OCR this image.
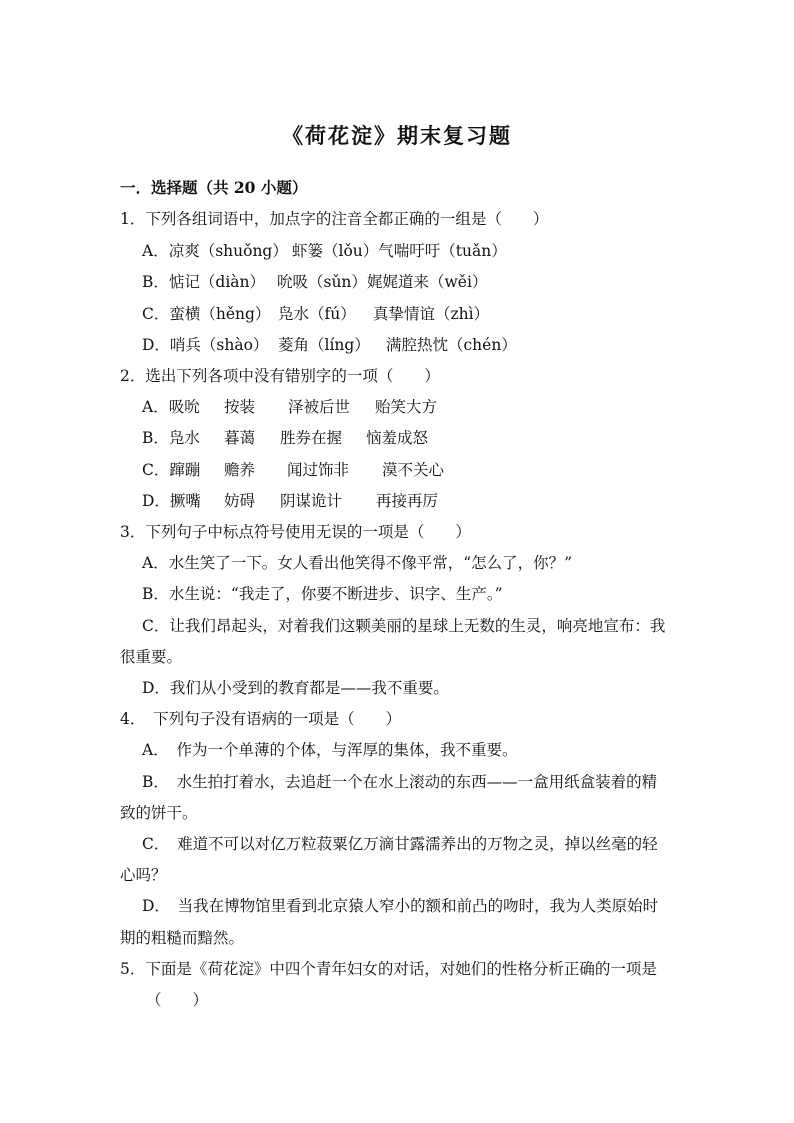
《荷花淀》期末复习题
一．选择题（共 20 小题）
1．下列各组词语中，加点字的注音全都正确的一组是（　　）
A．凉爽（shuǒng） 虾篓（lǒu）气喘吁吁（tuǎn）
B．惦记（diàn） 吮吸（sǔn）娓娓道来（wěi）
C．蛮横（hěng） 凫水（fú） 真挚情谊（zhì）
D．哨兵（shào） 菱角（líng） 满腔热忱（chén）
2．选出下列各项中没有错别字的一项（　　）
A．吸吮 按装 泽被后世 贻笑大方
B．凫水 暮蔼 胜券在握 恼羞成怒
C．蹿蹦 赡养 闻过饰非 漠不关心
D．撅嘴 妨碍 阴谋诡计 再接再厉
3．下列句子中标点符号使用无误的一项是（　　）
A．水生笑了一下。女人看出他笑得不像平常，“怎么了，你？”
B．水生说：“我走了，你要不断进步、识字、生产。”
C．让我们昂起头，对着我们这颗美丽的星球上无数的生灵，响亮地宣布：我
很重要。
D．我们从小受到的教育都是——我不重要。
4．　下列句子没有语病的一项是（　　）
A．　作为一个单薄的个体，与浑厚的集体，我不重要。
B．　水生拍打着水，去追赶一个在水上滚动的东西——一盒用纸盒装着的精
致的饼干。
C．　难道不可以对亿万粒菽粟亿万滴甘露濡养出的万物之灵，掉以丝毫的轻
心吗？
D．　当我在博物馆里看到北京猿人窄小的额和前凸的吻时，我为人类原始时
期的粗糙而黯然。
5．下面是《荷花淀》中四个青年妇女的对话，对她们的性格分析正确的一项是
（　　）
